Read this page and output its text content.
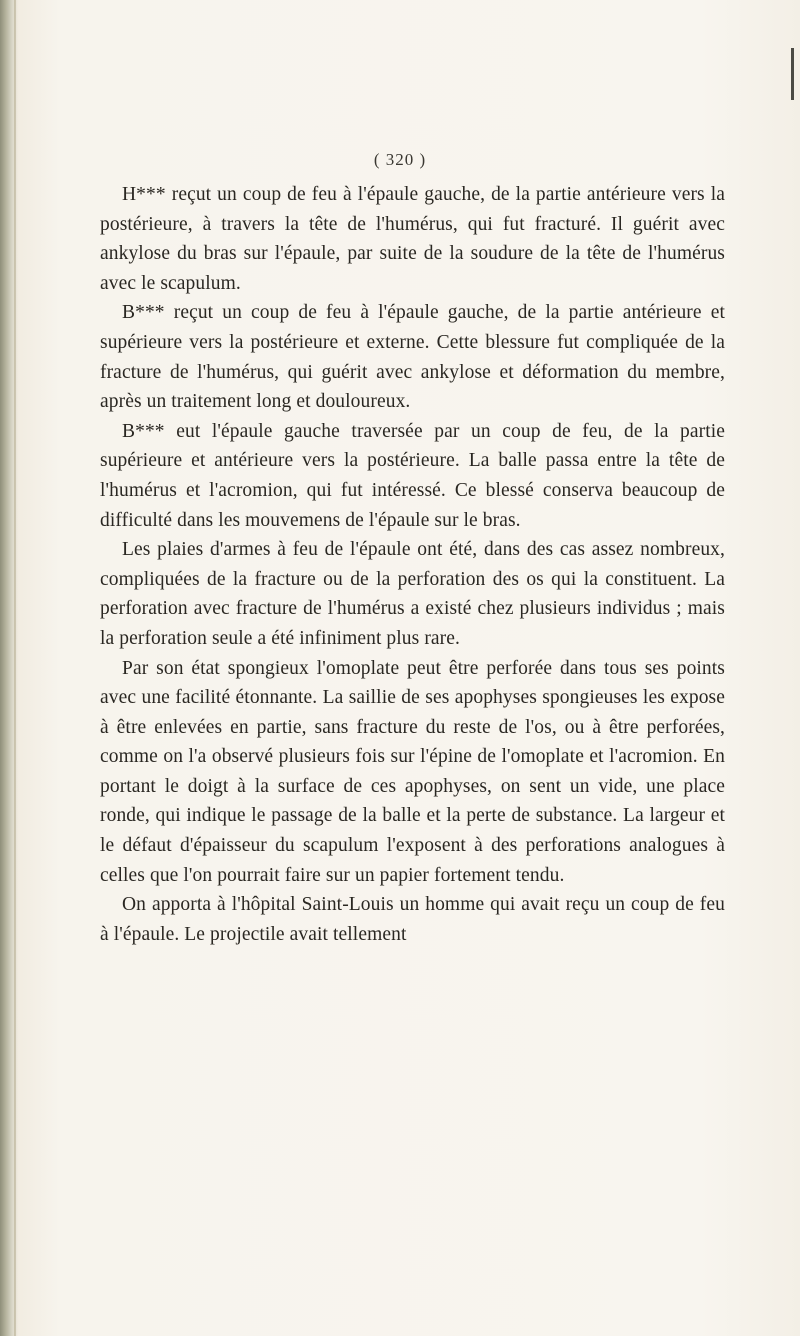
( 320 )

H*** reçut un coup de feu à l'épaule gauche, de la partie antérieure vers la postérieure, à travers la tête de l'humérus, qui fut fracturé. Il guérit avec ankylose du bras sur l'épaule, par suite de la soudure de la tête de l'humérus avec le scapulum.

B*** reçut un coup de feu à l'épaule gauche, de la partie antérieure et supérieure vers la postérieure et externe. Cette blessure fut compliquée de la fracture de l'humérus, qui guérit avec ankylose et déformation du membre, après un traitement long et douloureux.

B*** eut l'épaule gauche traversée par un coup de feu, de la partie supérieure et antérieure vers la postérieure. La balle passa entre la tête de l'humérus et l'acromion, qui fut intéressé. Ce blessé conserva beaucoup de difficulté dans les mouvemens de l'épaule sur le bras.

Les plaies d'armes à feu de l'épaule ont été, dans des cas assez nombreux, compliquées de la fracture ou de la perforation des os qui la constituent. La perforation avec fracture de l'humérus a existé chez plusieurs individus ; mais la perforation seule a été infiniment plus rare.

Par son état spongieux l'omoplate peut être perforée dans tous ses points avec une facilité étonnante. La saillie de ses apophyses spongieuses les expose à être enlevées en partie, sans fracture du reste de l'os, ou à être perforées, comme on l'a observé plusieurs fois sur l'épine de l'omoplate et l'acromion. En portant le doigt à la surface de ces apophyses, on sent un vide, une place ronde, qui indique le passage de la balle et la perte de substance. La largeur et le défaut d'épaisseur du scapulum l'exposent à des perforations analogues à celles que l'on pourrait faire sur un papier fortement tendu.

On apporta à l'hôpital Saint-Louis un homme qui avait reçu un coup de feu à l'épaule. Le projectile avait tellement
